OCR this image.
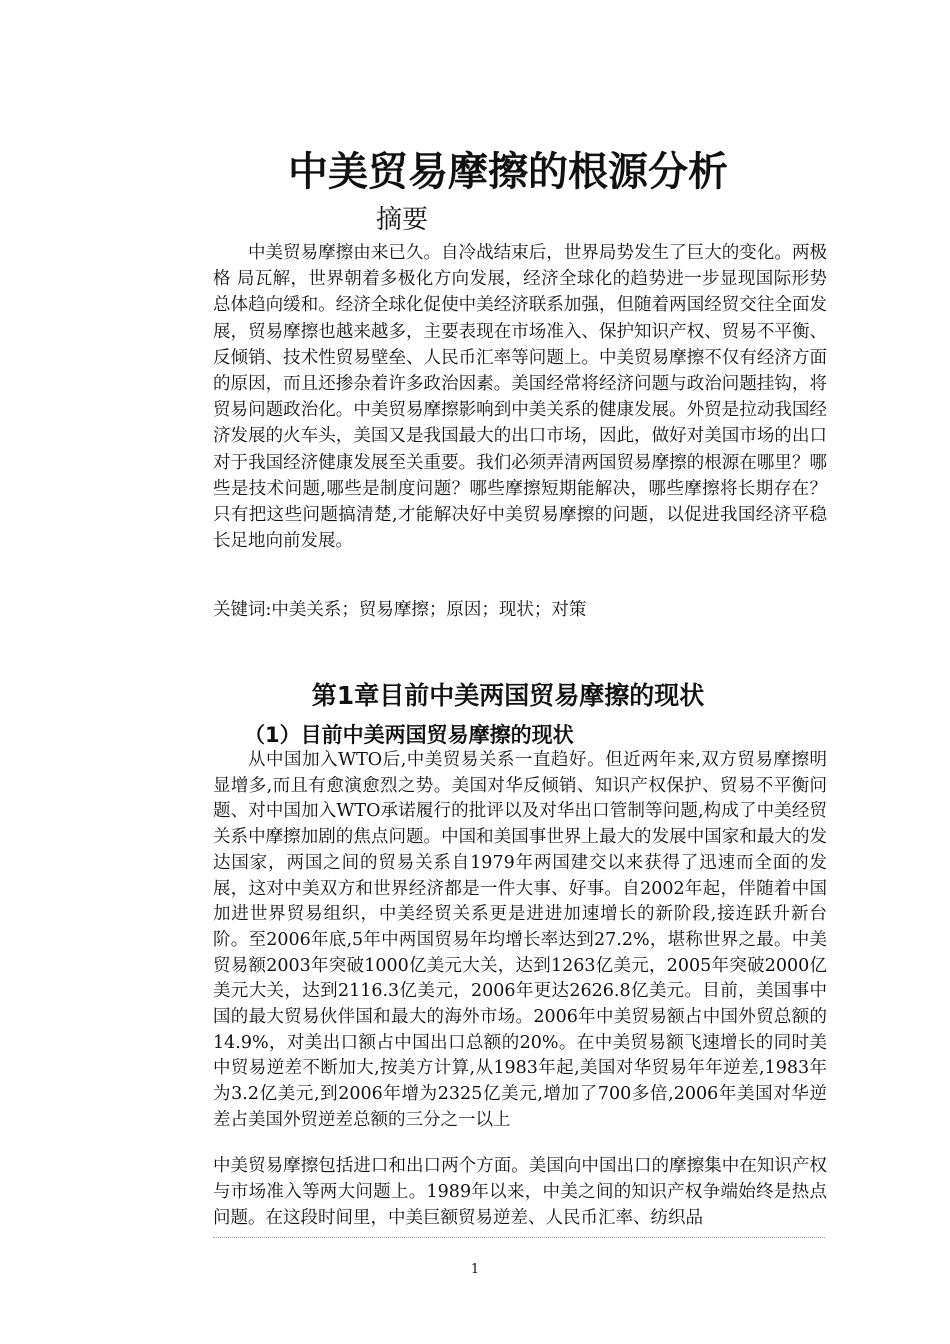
中美贸易摩擦的根源分析
摘要

中美贸易摩擦由来已久。自冷战结束后，世界局势发生了巨大的变化。两极格 局瓦解，世界朝着多极化方向发展，经济全球化的趋势进一步显现国际形势总体趋向缓和。经济全球化促使中美经济联系加强，但随着两国经贸交往全面发展，贸易摩擦也越来越多，主要表现在市场准入、保护知识产权、贸易不平衡、反倾销、技术性贸易壁垒、人民币汇率等问题上。中美贸易摩擦不仅有经济方面的原因，而且还掺杂着许多政治因素。美国经常将经济问题与政治问题挂钩，将贸易问题政治化。中美贸易摩擦影响到中美关系的健康发展。外贸是拉动我国经济发展的火车头，美国又是我国最大的出口市场，因此，做好对美国市场的出口对于我国经济健康发展至关重要。我们必须弄清两国贸易摩擦的根源在哪里？哪些是技术问题,哪些是制度问题？哪些摩擦短期能解决，哪些摩擦将长期存在？只有把这些问题搞清楚,才能解决好中美贸易摩擦的问题，以促进我国经济平稳长足地向前发展。

关键词:中美关系；贸易摩擦；原因；现状；对策

第1章目前中美两国贸易摩擦的现状
（1）目前中美两国贸易摩擦的现状

从中国加入WTO后,中美贸易关系一直趋好。但近两年来,双方贸易摩擦明显增多,而且有愈演愈烈之势。美国对华反倾销、知识产权保护、贸易不平衡问题、对中国加入WTO承诺履行的批评以及对华出口管制等问题,构成了中美经贸关系中摩擦加剧的焦点问题。中国和美国事世界上最大的发展中国家和最大的发达国家，两国之间的贸易关系自1979年两国建交以来获得了迅速而全面的发展，这对中美双方和世界经济都是一件大事、好事。自2002年起，伴随着中国加进世界贸易组织，中美经贸关系更是进进加速增长的新阶段,接连跃升新台阶。至2006年底,5年中两国贸易年均增长率达到27.2%，堪称世界之最。中美贸易额2003年突破1000亿美元大关，达到1263亿美元，2005年突破2000亿美元大关，达到2116.3亿美元，2006年更达2626.8亿美元。目前，美国事中国的最大贸易伙伴国和最大的海外市场。2006年中美贸易额占中国外贸总额的14.9%，对美出口额占中国出口总额的20%。在中美贸易额飞速增长的同时美中贸易逆差不断加大,按美方计算,从1983年起,美国对华贸易年年逆差,1983年为3.2亿美元,到2006年增为2325亿美元,增加了700多倍,2006年美国对华逆差占美国外贸逆差总额的三分之一以上

中美贸易摩擦包括进口和出口两个方面。美国向中国出口的摩擦集中在知识产权与市场准入等两大问题上。1989年以来，中美之间的知识产权争端始终是热点问题。在这段时间里，中美巨额贸易逆差、人民币汇率、纺织品

1
